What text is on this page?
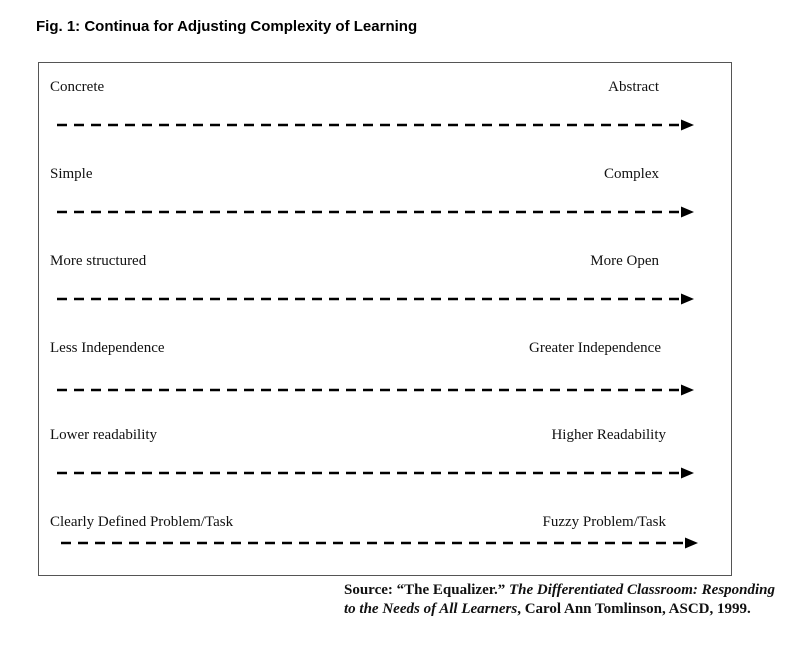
Fig. 1: Continua for Adjusting Complexity of Learning
Concrete	Abstract
Simple	Complex
More structured	More Open
Less Independence	Greater Independence
Lower readability	Higher Readability
Clearly Defined Problem/Task	Fuzzy Problem/Task
Source: “The Equalizer.” The Differentiated Classroom: Responding to the Needs of All Learners, Carol Ann Tomlinson, ASCD, 1999.
